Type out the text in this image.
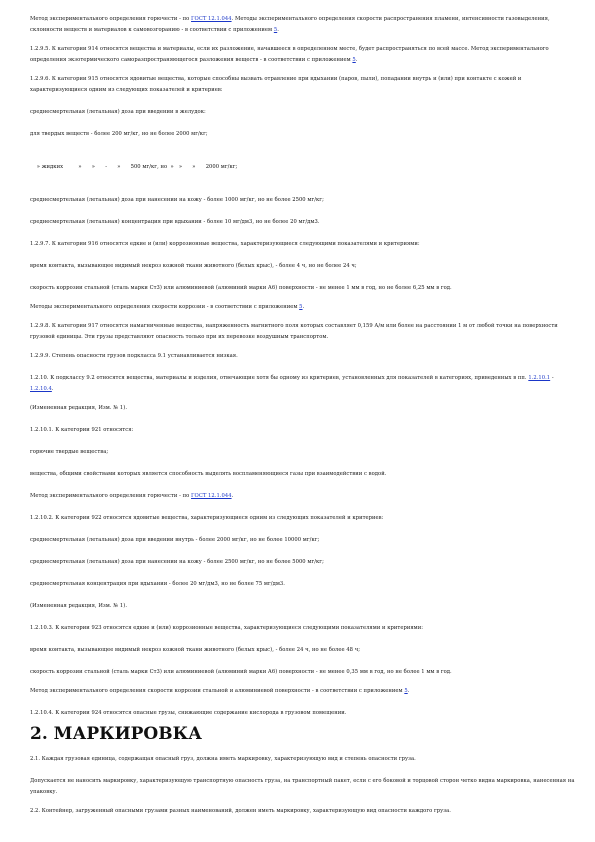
Метод экспериментального определения горючести - по ГОСТ 12.1.044. Методы экспериментального определения скорости распространения пламени, интенсивности газовыделения, склонности веществ и материалов к самовозгоранию - в соответствии с приложением 5.
1.2.9.5. К категории 914 относятся вещества и материалы, если их разложение, начавшееся в определенном месте, будет распространяться по всей массе. Метод экспериментального определения экзотермического саморазпространяющегося разложения веществ - в соответствии с приложением 5.
1.2.9.6. К категории 915 относятся ядовитые вещества, которые способны вызвать отравление при вдыхании (паров, пыли), попадании внутрь и (или) при контакте с кожей и характеризующиеся одним из следующих показателей и критериев:
среднесмертельная (летальная) доза при введении в желудок:
для твердых веществ - более 200 мг/кг, но не более 2000 мг/кг;

» жидких         »      »      -      »      500 мг/кг, но  »   »      »      2000 мг/кг;

среднесмертельная (летальная) доза при нанесении на кожу - более 1000 мг/кг, но не более 2500 мг/кг;
среднесмертельная (летальная) концентрация при вдыхании - более 10 мг/дм3, но не более 20 мг/дм3.
1.2.9.7. К категории 916 относятся едкие и (или) коррозионные вещества, характеризующиеся следующими показателями и критериями:
время контакта, вызывающее видимый некроз кожной ткани животного (белых крыс), - более 4 ч, но не более 24 ч;
скорость коррозии стальной (сталь марки Ст3) или алюминиевой (алюминий марки А6) поверхности - не менее 1 мм в год, но не более 6,25 мм в год.
Методы экспериментального определения скорости коррозии - в соответствии с приложением 5.
1.2.9.8. К категории 917 относятся намагниченные вещества, напряженность магнитного поля которых составляет 0,159 А/м или более на расстоянии 1 м от любой точки на поверхности грузовой единицы. Эти грузы представляют опасность только при их перевозке воздушным транспортом.
1.2.9.9. Степень опасности грузов подкласса 9.1 устанавливается низкая.
1.2.10. К подклассу 9.2 относятся вещества, материалы и изделия, отвечающие хотя бы одному из критериев, установленных для показателей в категориях, приведенных в пп. 1.2.10.1 - 1.2.10.4.
(Измененная редакция, Изм. № 1).
1.2.10.1. К категории 921 относятся:
горючие твердые вещества;
вещества, общими свойствами которых является способность выделять воспламеняющиеся газы при взаимодействии с водой.
Метод экспериментального определения горючести - по ГОСТ 12.1.044.
1.2.10.2. К категории 922 относятся ядовитые вещества, характеризующиеся одним из следующих показателей и критериев:
среднесмертельная (летальная) доза при введении внутрь - более 2000 мг/кг, но не более 10000 мг/кг;
среднесмертельная (летальная) доза при нанесении на кожу - более 2500 мг/кг, но не более 5000 мг/кг;
среднесмертельная концентрация при вдыхании - более 20 мг/дм3, но не более 75 мг/дм3.
(Измененная редакция, Изм. № 1).
1.2.10.3. К категории 923 относятся едкие и (или) коррозионные вещества, характеризующиеся следующими показателями и критериями:
время контакта, вызывающее видимый некроз кожной ткани животного (белых крыс), - более 24 ч, но не более 48 ч;
скорость коррозии стальной (сталь марки Ст3) или алюминиевой (алюминий марки А6) поверхности - не менее 0,35 мм в год, но не более 1 мм в год.
Метод экспериментального определения скорости коррозии стальной и алюминиевой поверхности - в соответствии с приложением 5.
1.2.10.4. К категории 924 относятся опасные грузы, снижающие содержание кислорода в грузовом помещении.
2. МАРКИРОВКА
2.1. Каждая грузовая единица, содержащая опасный груз, должна иметь маркировку, характеризующую вид и степень опасности груза.
Допускается не наносить маркировку, характеризующую транспортную опасность груза, на транспортный пакет, если с его боковой и торцовой сторон четко видна маркировка, нанесенная на упаковку.
2.2. Контейнер, загруженный опасными грузами разных наименований, должен иметь маркировку, характеризующую вид опасности каждого груза.
